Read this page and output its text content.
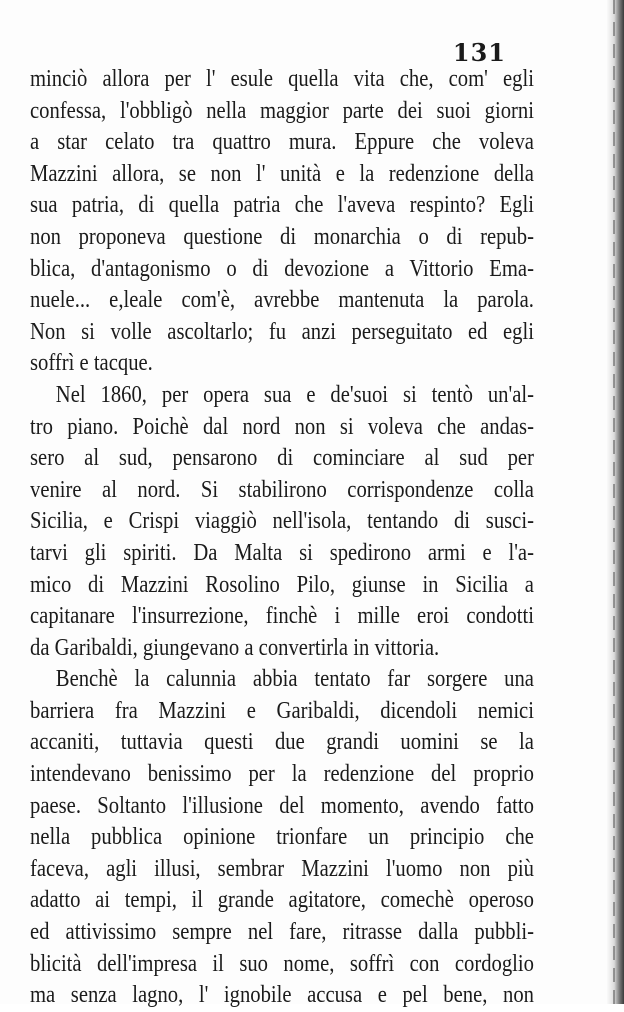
131
minciò allora per l' esule quella vita che, com' egli
confessa, l'obbligò nella maggior parte dei suoi giorni
a star celato tra quattro mura. Eppure che voleva
Mazzini allora, se non l' unità e la redenzione della
sua patria, di quella patria che l'aveva respinto? Egli
non proponeva questione di monarchia o di repub-
blica, d'antagonismo o di devozione a Vittorio Ema-
nuele... e,leale com'è, avrebbe mantenuta la parola.
Non si volle ascoltarlo; fu anzi perseguitato ed egli
soffrì e tacque.
Nel 1860, per opera sua e de'suoi si tentò un'al-
tro piano. Poichè dal nord non si voleva che andas-
sero al sud, pensarono di cominciare al sud per
venire al nord. Si stabilirono corrispondenze colla
Sicilia, e Crispi viaggiò nell'isola, tentando di susci-
tarvi gli spiriti. Da Malta si spedirono armi e l'a-
mico di Mazzini Rosolino Pilo, giunse in Sicilia a
capitanare l'insurrezione, finchè i mille eroi condotti
da Garibaldi, giungevano a convertirla in vittoria.
Benchè la calunnia abbia tentato far sorgere una
barriera fra Mazzini e Garibaldi, dicendoli nemici
accaniti, tuttavia questi due grandi uomini se la
intendevano benissimo per la redenzione del proprio
paese. Soltanto l'illusione del momento, avendo fatto
nella pubblica opinione trionfare un principio che
faceva, agli illusi, sembrar Mazzini l'uomo non più
adatto ai tempi, il grande agitatore, comechè operoso
ed attivissimo sempre nel fare, ritrasse dalla pubbli-
blicità dell'impresa il suo nome, soffrì con cordoglio
ma senza lagno, l' ignobile accusa e pel bene, non
